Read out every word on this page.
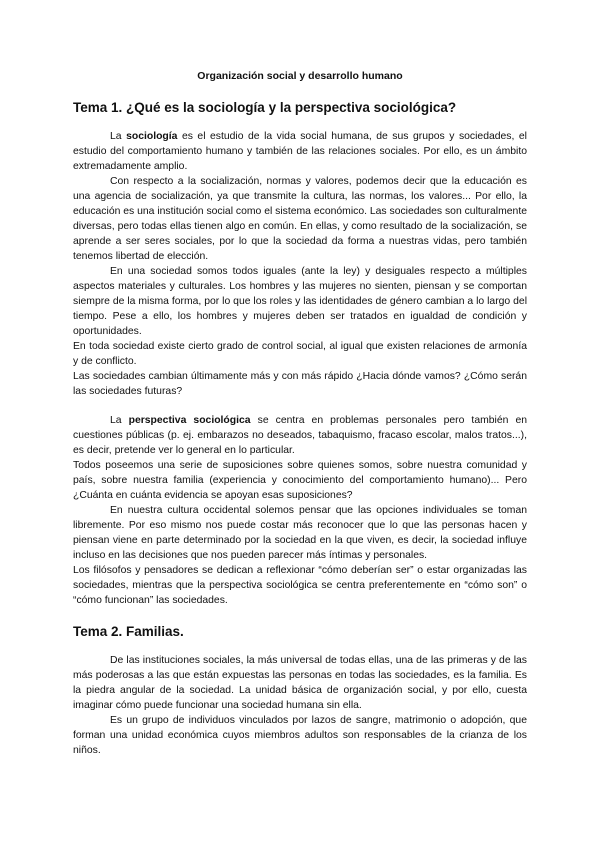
Organización social y desarrollo humano
Tema 1. ¿Qué es la sociología y la perspectiva sociológica?

La sociología es el estudio de la vida social humana, de sus grupos y sociedades, el estudio del comportamiento humano y también de las relaciones sociales. Por ello, es un ámbito extremadamente amplio.

Con respecto a la socialización, normas y valores, podemos decir que la educación es una agencia de socialización, ya que transmite la cultura, las normas, los valores... Por ello, la educación es una institución social como el sistema económico. Las sociedades son culturalmente diversas, pero todas ellas tienen algo en común. En ellas, y como resultado de la socialización, se aprende a ser seres sociales, por lo que la sociedad da forma a nuestras vidas, pero también tenemos libertad de elección.

En una sociedad somos todos iguales (ante la ley) y desiguales respecto a múltiples aspectos materiales y culturales. Los hombres y las mujeres no sienten, piensan y se comportan siempre de la misma forma, por lo que los roles y las identidades de género cambian a lo largo del tiempo. Pese a ello, los hombres y mujeres deben ser tratados en igualdad de condición y oportunidades.

En toda sociedad existe cierto grado de control social, al igual que existen relaciones de armonía y de conflicto.

Las sociedades cambian últimamente más y con más rápido ¿Hacia dónde vamos? ¿Cómo serán las sociedades futuras?

La perspectiva sociológica se centra en problemas personales pero también en cuestiones públicas (p. ej. embarazos no deseados, tabaquismo, fracaso escolar, malos tratos...), es decir, pretende ver lo general en lo particular.

Todos poseemos una serie de suposiciones sobre quienes somos, sobre nuestra comunidad y país, sobre nuestra familia (experiencia y conocimiento del comportamiento humano)... Pero ¿Cuánta en cuánta evidencia se apoyan esas suposiciones?

En nuestra cultura occidental solemos pensar que las opciones individuales se toman libremente. Por eso mismo nos puede costar más reconocer que lo que las personas hacen y piensan viene en parte determinado por la sociedad en la que viven, es decir, la sociedad influye incluso en las decisiones que nos pueden parecer más íntimas y personales.

Los filósofos y pensadores se dedican a reflexionar “cómo deberían ser” o estar organizadas las sociedades, mientras que la perspectiva sociológica se centra preferentemente en “cómo son” o “cómo funcionan” las sociedades.

Tema 2. Familias.

De las instituciones sociales, la más universal de todas ellas, una de las primeras y de las más poderosas a las que están expuestas las personas en todas las sociedades, es la familia. Es la piedra angular de la sociedad. La unidad básica de organización social, y por ello, cuesta imaginar cómo puede funcionar una sociedad humana sin ella.

Es un grupo de individuos vinculados por lazos de sangre, matrimonio o adopción, que forman una unidad económica cuyos miembros adultos son responsables de la crianza de los niños.
